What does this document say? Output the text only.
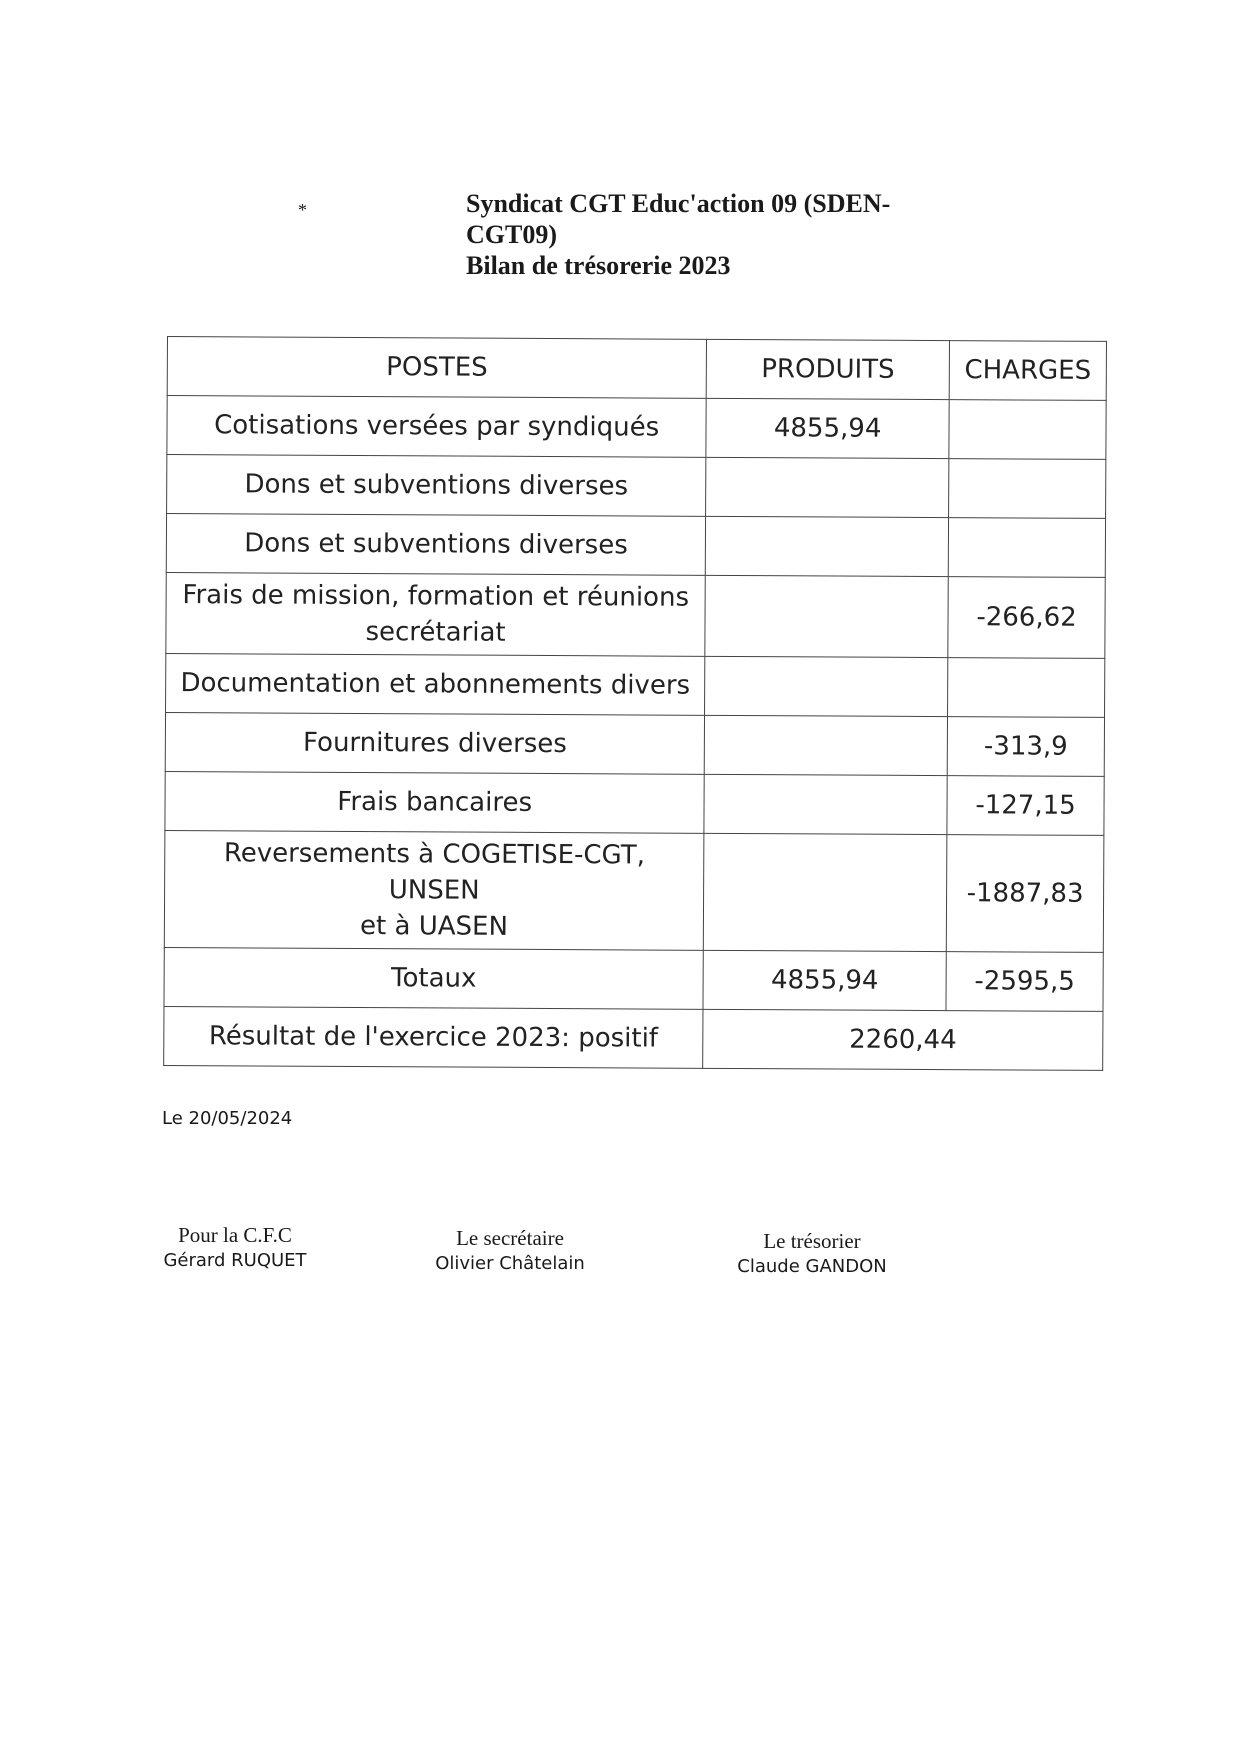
*	Syndicat CGT Educ'action 09 (SDEN-
CGT09)
Bilan de trésorerie 2023
POSTES	PRODUITS	CHARGES
Cotisations versées par syndiqués	4855,94	
Dons et subventions diverses		
Dons et subventions diverses		
Frais de mission, formation et réunions
secrétariat		-266,62
Documentation et abonnements divers		
Fournitures diverses		-313,9
Frais bancaires		-127,15
Reversements à COGETISE-CGT, UNSEN
et à UASEN		-1887,83
Totaux	4855,94	-2595,5
Résultat de l'exercice 2023: positif	2260,44	
Le 20/05/2024
Pour la C.F.C
Gérard RUQUET
Le secrétaire
Olivier Châtelain
Le trésorier
Claude GANDON
